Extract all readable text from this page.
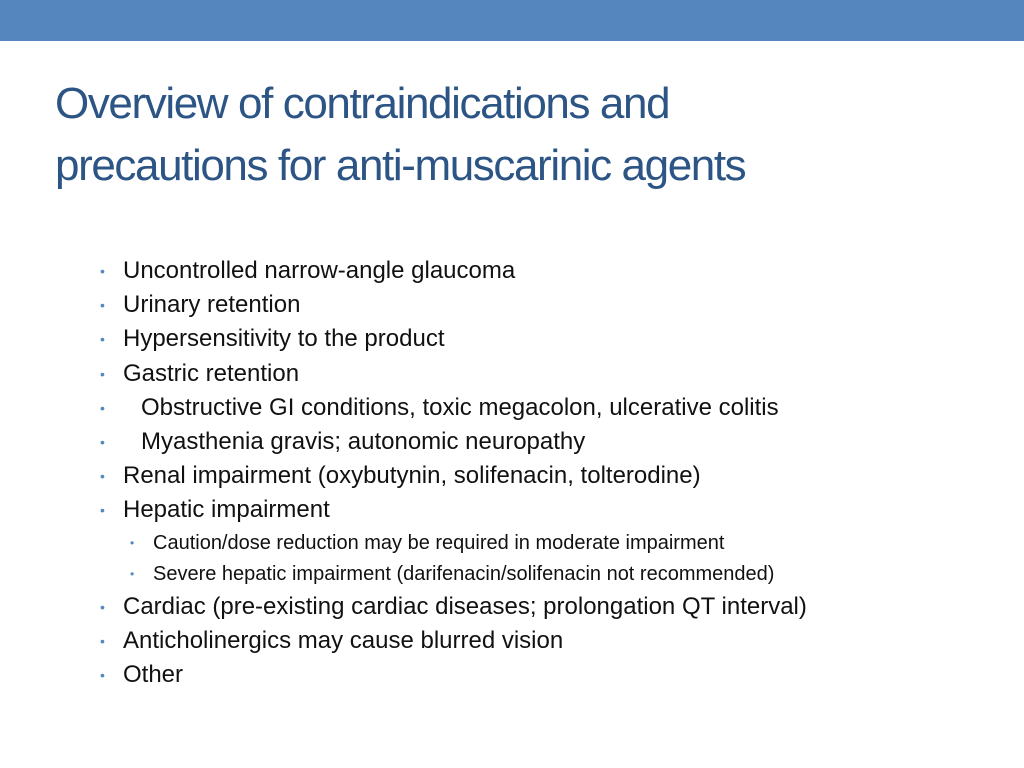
Overview of contraindications and
precautions for anti-muscarinic agents
• Uncontrolled narrow-angle glaucoma
• Urinary retention
• Hypersensitivity to the product
• Gastric retention
• Obstructive GI conditions, toxic megacolon, ulcerative colitis
• Myasthenia gravis; autonomic neuropathy
• Renal impairment (oxybutynin, solifenacin, tolterodine)
• Hepatic impairment
• Caution/dose reduction may be required in moderate impairment
• Severe hepatic impairment (darifenacin/solifenacin not recommended)
• Cardiac (pre-existing cardiac diseases; prolongation QT interval)
• Anticholinergics may cause blurred vision
• Other
